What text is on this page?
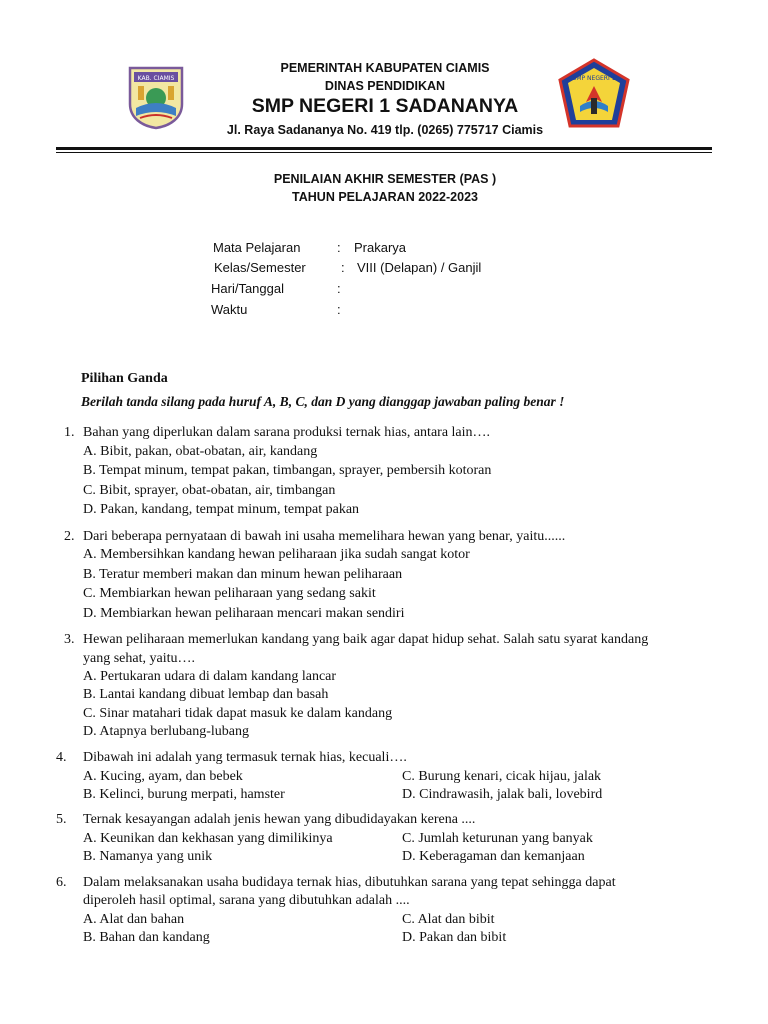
KAB. CIAMIS
PEMERINTAH KABUPATEN CIAMIS
DINAS PENDIDIKAN
SMP NEGERI 1 SADANANYA
Jl. Raya Sadananya No. 419 tlp. (0265) 775717 Ciamis
SMP NEGERI 1
PENILAIAN AKHIR SEMESTER (PAS )
TAHUN PELAJARAN 2022-2023
Mata Pelajaran	: Prakarya
Kelas/Semester	: VIII (Delapan) / Ganjil
Hari/Tanggal	:
Waktu	:
Pilihan Ganda
Berilah tanda silang pada huruf A, B, C, dan D yang dianggap jawaban paling benar !
1. Bahan yang diperlukan dalam sarana produksi ternak hias, antara lain….
A. Bibit, pakan, obat-obatan, air, kandang
B. Tempat minum, tempat pakan, timbangan, sprayer, pembersih kotoran
C. Bibit, sprayer, obat-obatan, air, timbangan
D. Pakan, kandang, tempat minum, tempat pakan
2. Dari beberapa pernyataan di bawah ini usaha memelihara hewan yang benar, yaitu......
A. Membersihkan kandang hewan peliharaan jika sudah sangat kotor
B. Teratur memberi makan dan minum hewan peliharaan
C. Membiarkan hewan peliharaan yang sedang sakit
D. Membiarkan hewan peliharaan mencari makan sendiri
3. Hewan peliharaan memerlukan kandang yang baik agar dapat hidup sehat. Salah satu syarat kandang
yang sehat, yaitu….
A. Pertukaran udara di dalam kandang lancar
B. Lantai kandang dibuat lembap dan basah
C. Sinar matahari tidak dapat masuk ke dalam kandang
D. Atapnya berlubang-lubang
4. Dibawah ini adalah yang termasuk ternak hias, kecuali….
A. Kucing, ayam, dan bebek	C. Burung kenari, cicak hijau, jalak
B. Kelinci, burung merpati, hamster	D. Cindrawasih, jalak bali, lovebird
5. Ternak kesayangan adalah jenis hewan yang dibudidayakan kerena ....
A. Keunikan dan kekhasan yang dimilikinya	C. Jumlah keturunan yang banyak
B. Namanya yang unik	D. Keberagaman dan kemanjaan
6. Dalam melaksanakan usaha budidaya ternak hias, dibutuhkan sarana yang tepat sehingga dapat
diperoleh hasil optimal, sarana yang dibutuhkan adalah ....
A. Alat dan bahan	C. Alat dan bibit
B. Bahan dan kandang	D. Pakan dan bibit
